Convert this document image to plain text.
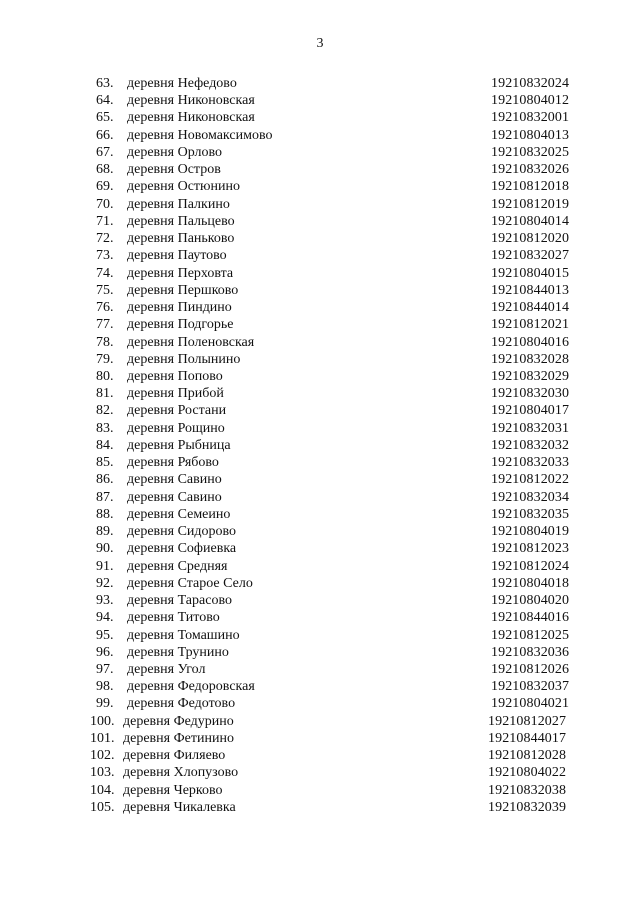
3
63. деревня Нефедово	19210832024
64. деревня Никоновская	19210804012
65. деревня Никоновская	19210832001
66. деревня Новомаксимово	19210804013
67. деревня Орлово	19210832025
68. деревня Остров	19210832026
69. деревня Остюнино	19210812018
70. деревня Палкино	19210812019
71. деревня Пальцево	19210804014
72. деревня Паньково	19210812020
73. деревня Паутово	19210832027
74. деревня Перховта	19210804015
75. деревня Першково	19210844013
76. деревня Пиндино	19210844014
77. деревня Подгорье	19210812021
78. деревня Поленовская	19210804016
79. деревня Полынино	19210832028
80. деревня Попово	19210832029
81. деревня Прибой	19210832030
82. деревня Ростани	19210804017
83. деревня Рощино	19210832031
84. деревня Рыбница	19210832032
85. деревня Рябово	19210832033
86. деревня Савино	19210812022
87. деревня Савино	19210832034
88. деревня Семеино	19210832035
89. деревня Сидорово	19210804019
90. деревня Софиевка	19210812023
91. деревня Средняя	19210812024
92. деревня Старое Село	19210804018
93. деревня Тарасово	19210804020
94. деревня Титово	19210844016
95. деревня Томашино	19210812025
96. деревня Трунино	19210832036
97. деревня Угол	19210812026
98. деревня Федоровская	19210832037
99. деревня Федотово	19210804021
100. деревня Федурино	19210812027
101. деревня Фетинино	19210844017
102. деревня Филяево	19210812028
103. деревня Хлопузово	19210804022
104. деревня Черково	19210832038
105. деревня Чикалевка	19210832039
